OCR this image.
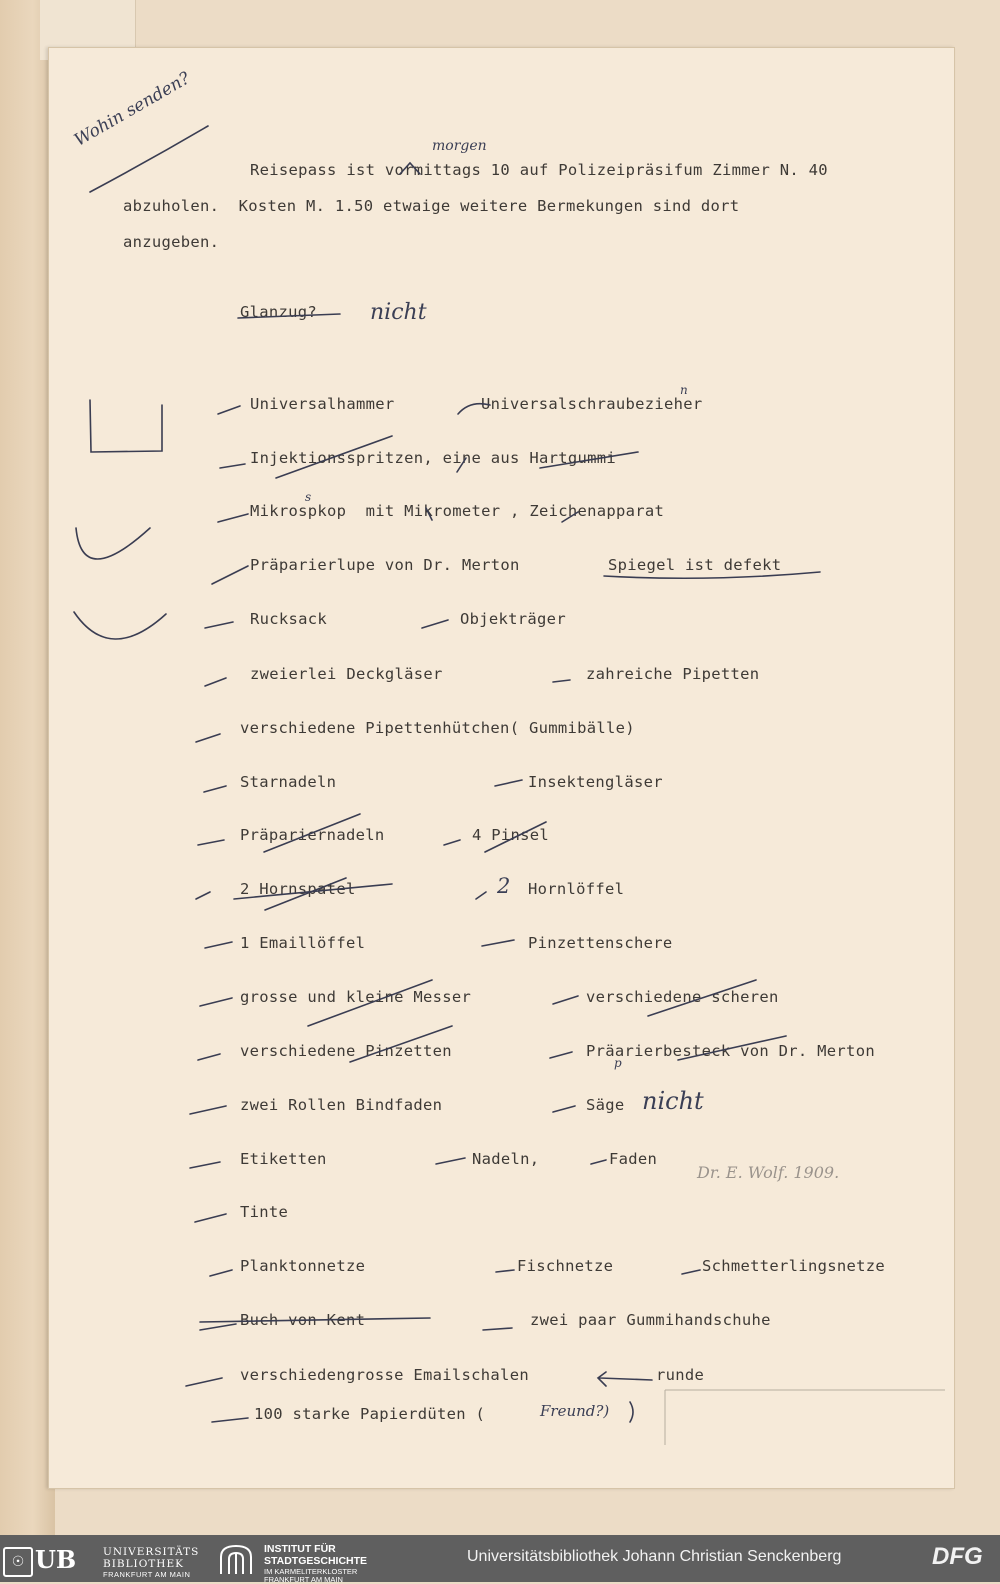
Reisepass ist vormittags 10 auf Polizeipräsifum Zimmer N. 40
abzuholen.  Kosten M. 1.50 etwaige weitere Bermekungen sind dort
anzugeben.
Glanzug?
Universalhammer	Universalschraubezieher
Injektionsspritzen, eine aus Hartgummi
Mikrospkop  mit Mikrometer , Zeichenapparat
Präparierlupe von Dr. Merton	Spiegel ist defekt
Rucksack	Objekträger
zweierlei Deckgläser	zahreiche Pipetten
verschiedene Pipettenhütchen( Gummibälle)
Starnadeln	Insektengläser
Präpariernadeln	4 Pinsel
2 Hornspatel	Hornlöffel
1 Emaillöffel	Pinzettenschere
grosse und kleine Messer	verschiedene scheren
verschiedene Pinzetten	Präarierbesteck von Dr. Merton
zwei Rollen Bindfaden	Säge
Etiketten	Nadeln,	Faden
Tinte
Planktonnetze	Fischnetze	Schmetterlingsnetze
Buch von Kent	zwei paar Gummihandschuhe
verschiedengrosse Emailschalen	runde
100 starke Papierdüten (
Wohin senden?	morgen
nicht
n
s
2
p
nicht
Freund?)
Dr. E. Wolf. 1909.
☉ UB	UNIVERSITÄTS
BIBLIOTHEK
FRANKFURT AM MAIN
INSTITUT FÜR
STADTGESCHICHTE
IM KARMELITERKLOSTER
FRANKFURT AM MAIN
Universitätsbibliothek Johann Christian Senckenberg	DFG
